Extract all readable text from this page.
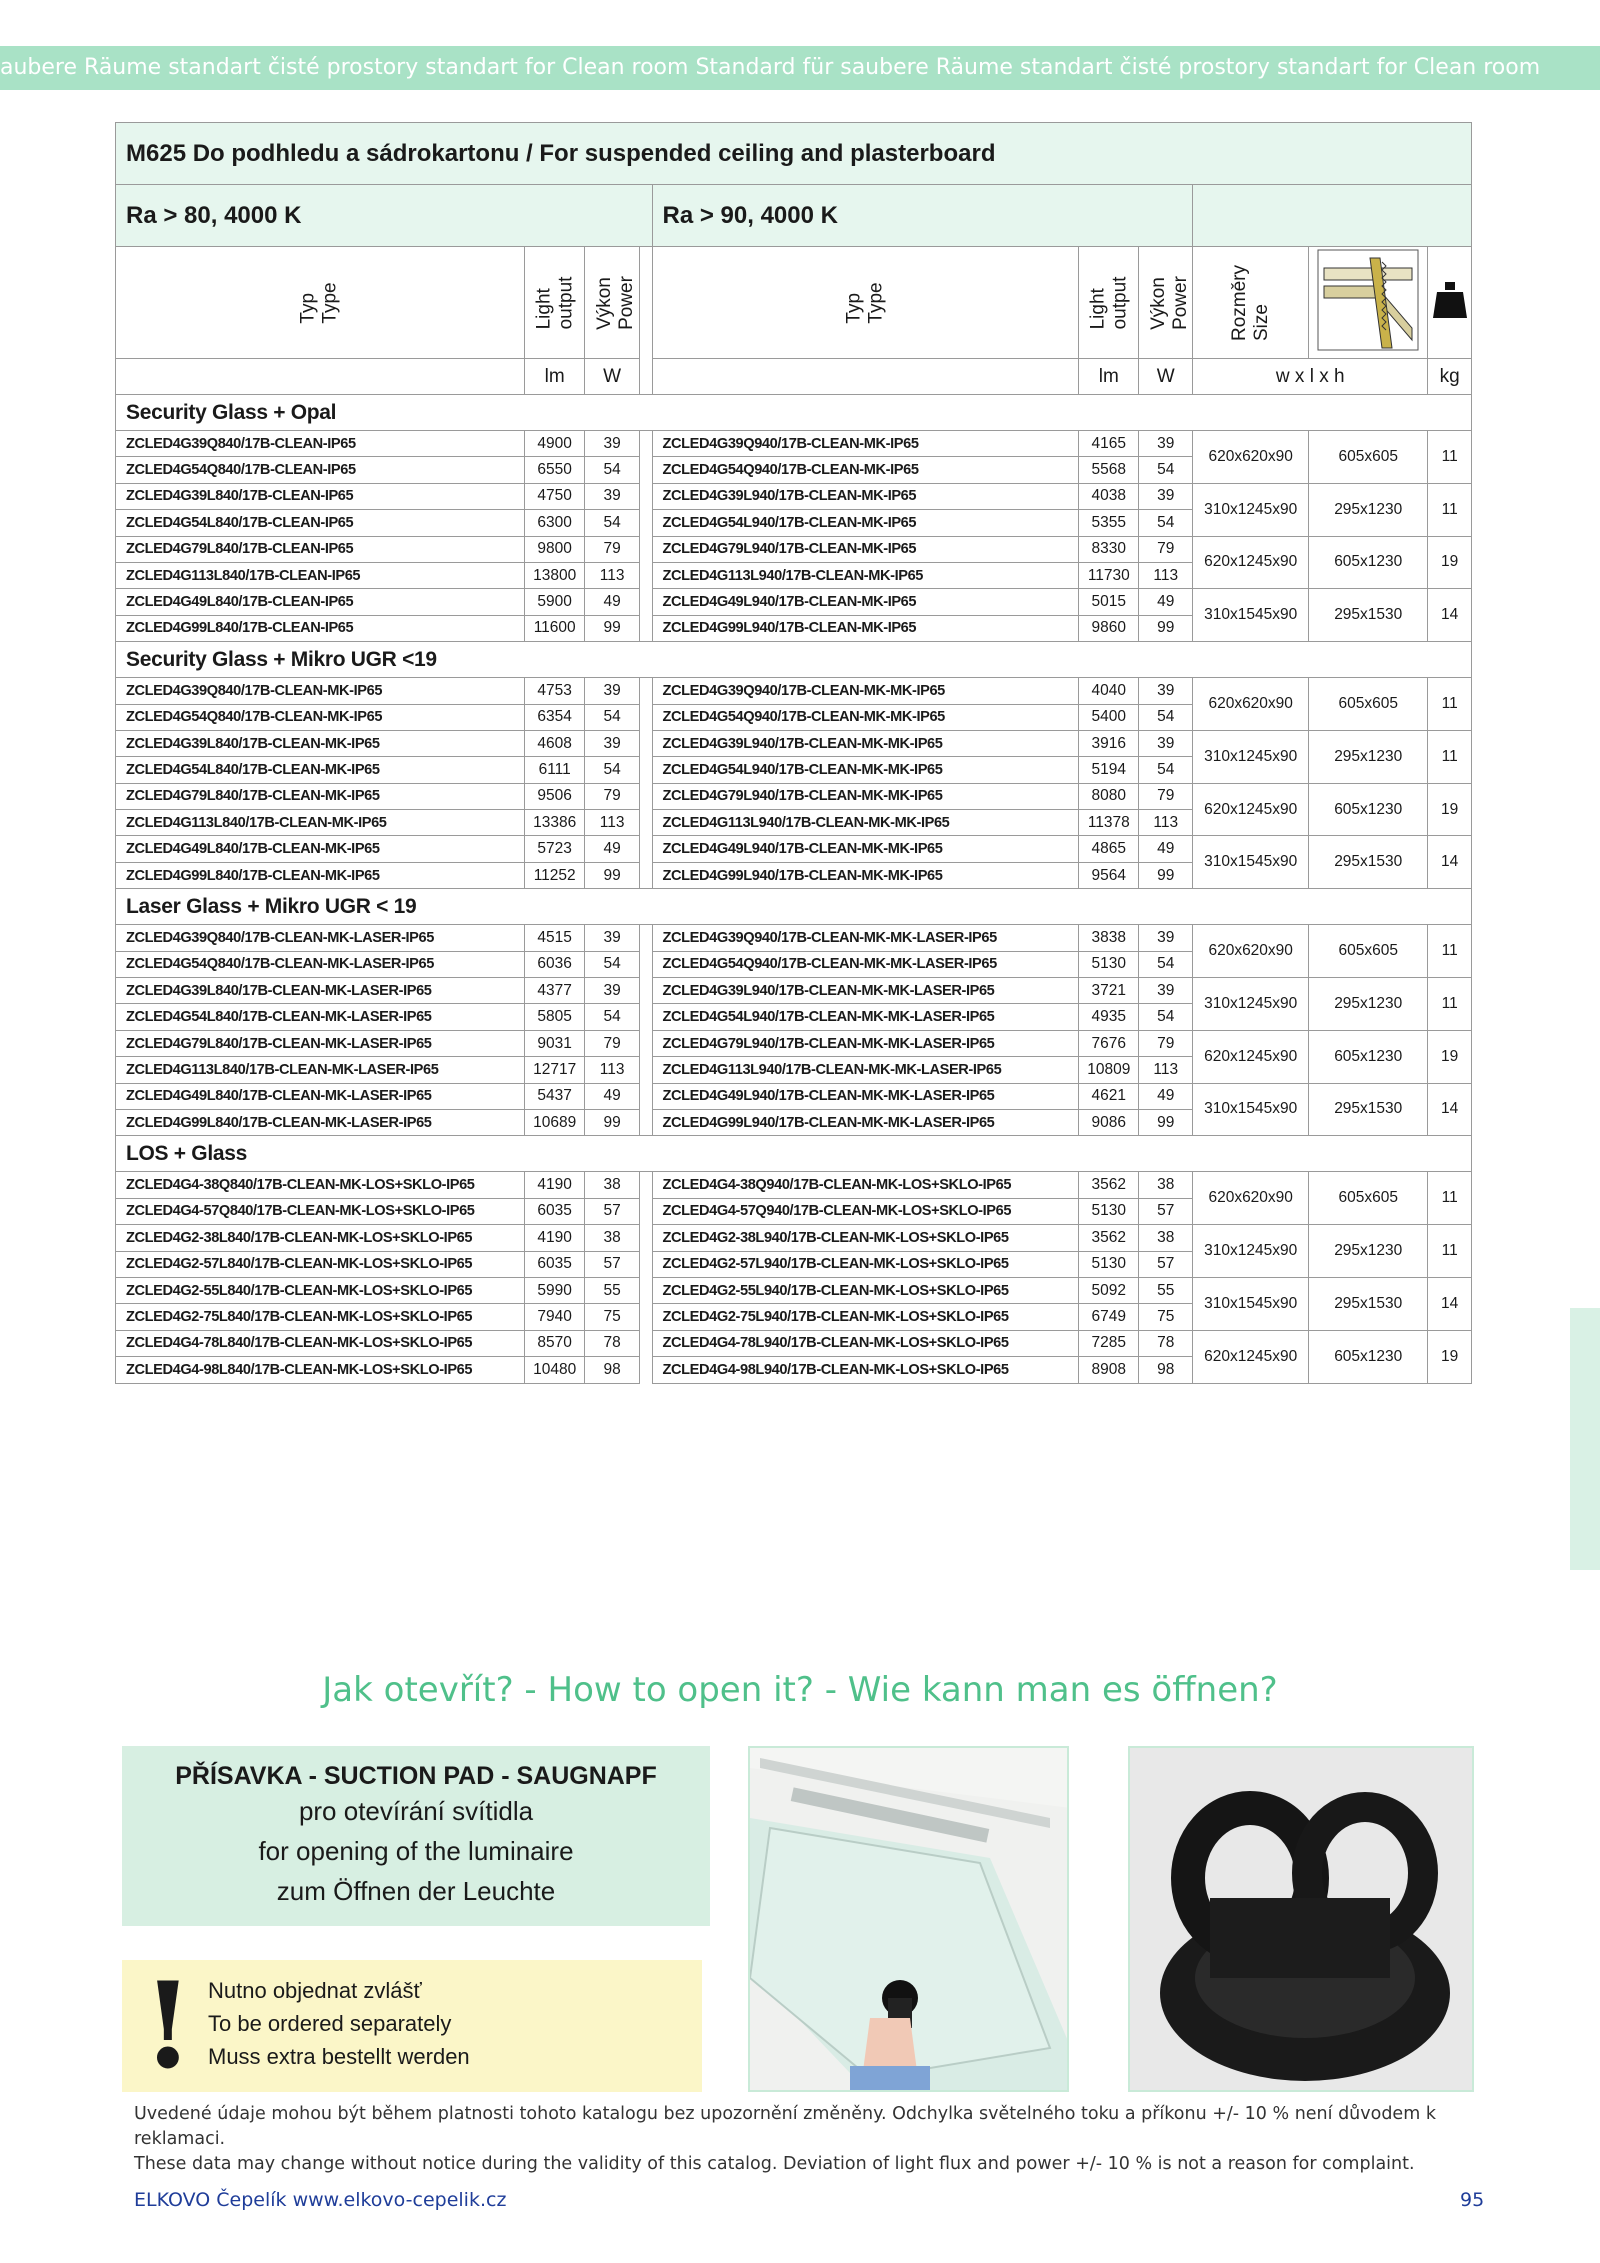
aubere Räume standart čisté prostory standart for Clean room Standard für saubere Räume standart čisté prostory standart for Clean room
M625 Do podhledu a sádrokartonu / For suspended ceiling and plasterboard									
Ra > 80, 4000 K				Ra > 90, 4000 K					
Typ
Type	Light
output	Výkon
Power		Typ
Type	Light
output	Výkon
Power	Rozměry
Size		
	lm	W			lm	W	w x l x h		kg
Security Glass + Opal									
ZCLED4G39Q840/17B-CLEAN-IP65	4900	39		ZCLED4G39Q940/17B-CLEAN-MK-IP65	4165	39	620x620x90	605x605	11
ZCLED4G54Q840/17B-CLEAN-IP65	6550	54		ZCLED4G54Q940/17B-CLEAN-MK-IP65	5568	54			
ZCLED4G39L840/17B-CLEAN-IP65	4750	39		ZCLED4G39L940/17B-CLEAN-MK-IP65	4038	39	310x1245x90	295x1230	11
ZCLED4G54L840/17B-CLEAN-IP65	6300	54		ZCLED4G54L940/17B-CLEAN-MK-IP65	5355	54			
ZCLED4G79L840/17B-CLEAN-IP65	9800	79		ZCLED4G79L940/17B-CLEAN-MK-IP65	8330	79	620x1245x90	605x1230	19
ZCLED4G113L840/17B-CLEAN-IP65	13800	113		ZCLED4G113L940/17B-CLEAN-MK-IP65	11730	113			
ZCLED4G49L840/17B-CLEAN-IP65	5900	49		ZCLED4G49L940/17B-CLEAN-MK-IP65	5015	49	310x1545x90	295x1530	14
ZCLED4G99L840/17B-CLEAN-IP65	11600	99		ZCLED4G99L940/17B-CLEAN-MK-IP65	9860	99			
Security Glass + Mikro UGR <19									
ZCLED4G39Q840/17B-CLEAN-MK-IP65	4753	39		ZCLED4G39Q940/17B-CLEAN-MK-MK-IP65	4040	39	620x620x90	605x605	11
ZCLED4G54Q840/17B-CLEAN-MK-IP65	6354	54		ZCLED4G54Q940/17B-CLEAN-MK-MK-IP65	5400	54			
ZCLED4G39L840/17B-CLEAN-MK-IP65	4608	39		ZCLED4G39L940/17B-CLEAN-MK-MK-IP65	3916	39	310x1245x90	295x1230	11
ZCLED4G54L840/17B-CLEAN-MK-IP65	6111	54		ZCLED4G54L940/17B-CLEAN-MK-MK-IP65	5194	54			
ZCLED4G79L840/17B-CLEAN-MK-IP65	9506	79		ZCLED4G79L940/17B-CLEAN-MK-MK-IP65	8080	79	620x1245x90	605x1230	19
ZCLED4G113L840/17B-CLEAN-MK-IP65	13386	113		ZCLED4G113L940/17B-CLEAN-MK-MK-IP65	11378	113			
ZCLED4G49L840/17B-CLEAN-MK-IP65	5723	49		ZCLED4G49L940/17B-CLEAN-MK-MK-IP65	4865	49	310x1545x90	295x1530	14
ZCLED4G99L840/17B-CLEAN-MK-IP65	11252	99		ZCLED4G99L940/17B-CLEAN-MK-MK-IP65	9564	99			
Laser Glass + Mikro UGR < 19									
ZCLED4G39Q840/17B-CLEAN-MK-LASER-IP65	4515	39		ZCLED4G39Q940/17B-CLEAN-MK-MK-LASER-IP65	3838	39	620x620x90	605x605	11
ZCLED4G54Q840/17B-CLEAN-MK-LASER-IP65	6036	54		ZCLED4G54Q940/17B-CLEAN-MK-MK-LASER-IP65	5130	54			
ZCLED4G39L840/17B-CLEAN-MK-LASER-IP65	4377	39		ZCLED4G39L940/17B-CLEAN-MK-MK-LASER-IP65	3721	39	310x1245x90	295x1230	11
ZCLED4G54L840/17B-CLEAN-MK-LASER-IP65	5805	54		ZCLED4G54L940/17B-CLEAN-MK-MK-LASER-IP65	4935	54			
ZCLED4G79L840/17B-CLEAN-MK-LASER-IP65	9031	79		ZCLED4G79L940/17B-CLEAN-MK-MK-LASER-IP65	7676	79	620x1245x90	605x1230	19
ZCLED4G113L840/17B-CLEAN-MK-LASER-IP65	12717	113		ZCLED4G113L940/17B-CLEAN-MK-MK-LASER-IP65	10809	113			
ZCLED4G49L840/17B-CLEAN-MK-LASER-IP65	5437	49		ZCLED4G49L940/17B-CLEAN-MK-MK-LASER-IP65	4621	49	310x1545x90	295x1530	14
ZCLED4G99L840/17B-CLEAN-MK-LASER-IP65	10689	99		ZCLED4G99L940/17B-CLEAN-MK-MK-LASER-IP65	9086	99			
LOS + Glass									
ZCLED4G4-38Q840/17B-CLEAN-MK-LOS+SKLO-IP65	4190	38		ZCLED4G4-38Q940/17B-CLEAN-MK-LOS+SKLO-IP65	3562	38	620x620x90	605x605	11
ZCLED4G4-57Q840/17B-CLEAN-MK-LOS+SKLO-IP65	6035	57		ZCLED4G4-57Q940/17B-CLEAN-MK-LOS+SKLO-IP65	5130	57			
ZCLED4G2-38L840/17B-CLEAN-MK-LOS+SKLO-IP65	4190	38		ZCLED4G2-38L940/17B-CLEAN-MK-LOS+SKLO-IP65	3562	38	310x1245x90	295x1230	11
ZCLED4G2-57L840/17B-CLEAN-MK-LOS+SKLO-IP65	6035	57		ZCLED4G2-57L940/17B-CLEAN-MK-LOS+SKLO-IP65	5130	57			
ZCLED4G2-55L840/17B-CLEAN-MK-LOS+SKLO-IP65	5990	55		ZCLED4G2-55L940/17B-CLEAN-MK-LOS+SKLO-IP65	5092	55	310x1545x90	295x1530	14
ZCLED4G2-75L840/17B-CLEAN-MK-LOS+SKLO-IP65	7940	75		ZCLED4G2-75L940/17B-CLEAN-MK-LOS+SKLO-IP65	6749	75			
ZCLED4G4-78L840/17B-CLEAN-MK-LOS+SKLO-IP65	8570	78		ZCLED4G4-78L940/17B-CLEAN-MK-LOS+SKLO-IP65	7285	78	620x1245x90	605x1230	19
ZCLED4G4-98L840/17B-CLEAN-MK-LOS+SKLO-IP65	10480	98		ZCLED4G4-98L940/17B-CLEAN-MK-LOS+SKLO-IP65	8908	98			
Jak otevřít? - How to open it? - Wie kann man es öffnen?
PŘÍSAVKA - SUCTION PAD - SAUGNAPF
pro otevírání svítidla
for opening of the luminaire
zum Öffnen der Leuchte
! Nutno objednat zvlášť
To be ordered separately
Muss extra bestellt werden
Uvedené údaje mohou být během platnosti tohoto katalogu bez upozornění změněny. Odchylka světelného toku a příkonu +/- 10 % není důvodem k reklamaci.
These data may change without notice during the validity of this catalog. Deviation of light flux and power +/- 10 % is not a reason for complaint.
ELKOVO Čepelík www.elkovo-cepelik.cz	95
